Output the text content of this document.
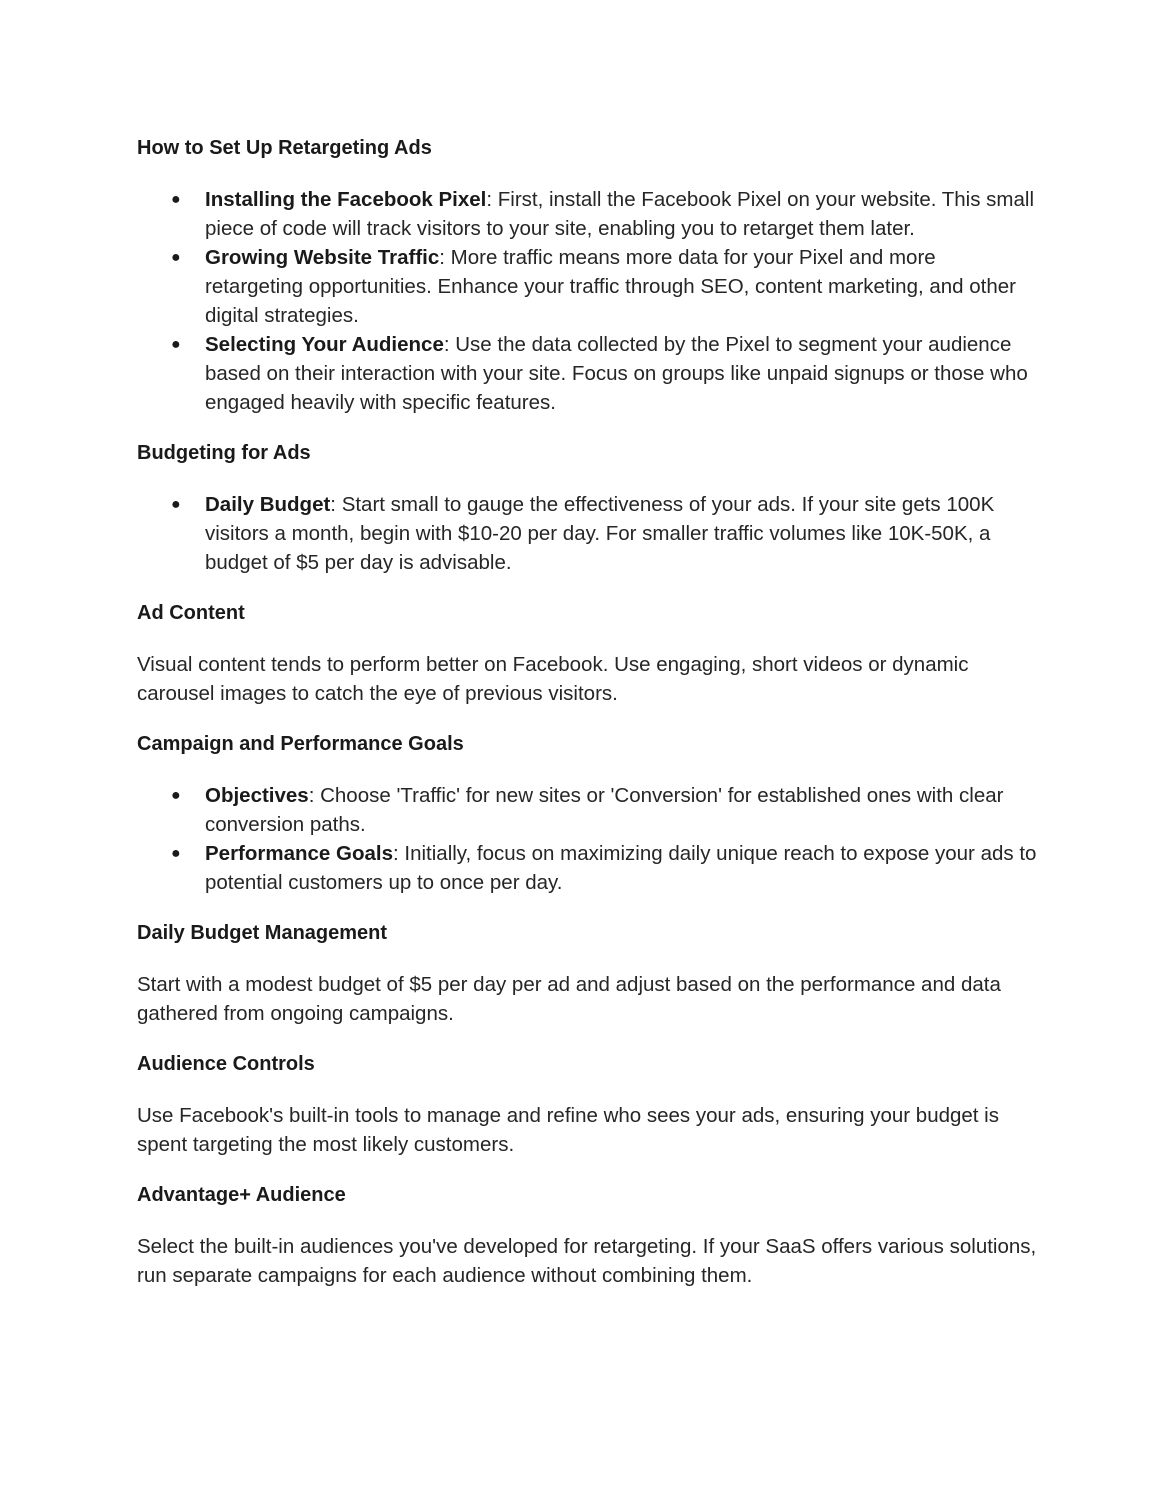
How to Set Up Retargeting Ads
● Installing the Facebook Pixel: First, install the Facebook Pixel on your website. This small piece of code will track visitors to your site, enabling you to retarget them later.
● Growing Website Traffic: More traffic means more data for your Pixel and more retargeting opportunities. Enhance your traffic through SEO, content marketing, and other digital strategies.
● Selecting Your Audience: Use the data collected by the Pixel to segment your audience based on their interaction with your site. Focus on groups like unpaid signups or those who engaged heavily with specific features.
Budgeting for Ads
● Daily Budget: Start small to gauge the effectiveness of your ads. If your site gets 100K visitors a month, begin with $10-20 per day. For smaller traffic volumes like 10K-50K, a budget of $5 per day is advisable.
Ad Content

Visual content tends to perform better on Facebook. Use engaging, short videos or dynamic carousel images to catch the eye of previous visitors.

Campaign and Performance Goals
● Objectives: Choose 'Traffic' for new sites or 'Conversion' for established ones with clear conversion paths.
● Performance Goals: Initially, focus on maximizing daily unique reach to expose your ads to potential customers up to once per day.
Daily Budget Management

Start with a modest budget of $5 per day per ad and adjust based on the performance and data gathered from ongoing campaigns.

Audience Controls

Use Facebook's built-in tools to manage and refine who sees your ads, ensuring your budget is spent targeting the most likely customers.

Advantage+ Audience

Select the built-in audiences you've developed for retargeting. If your SaaS offers various solutions, run separate campaigns for each audience without combining them.
